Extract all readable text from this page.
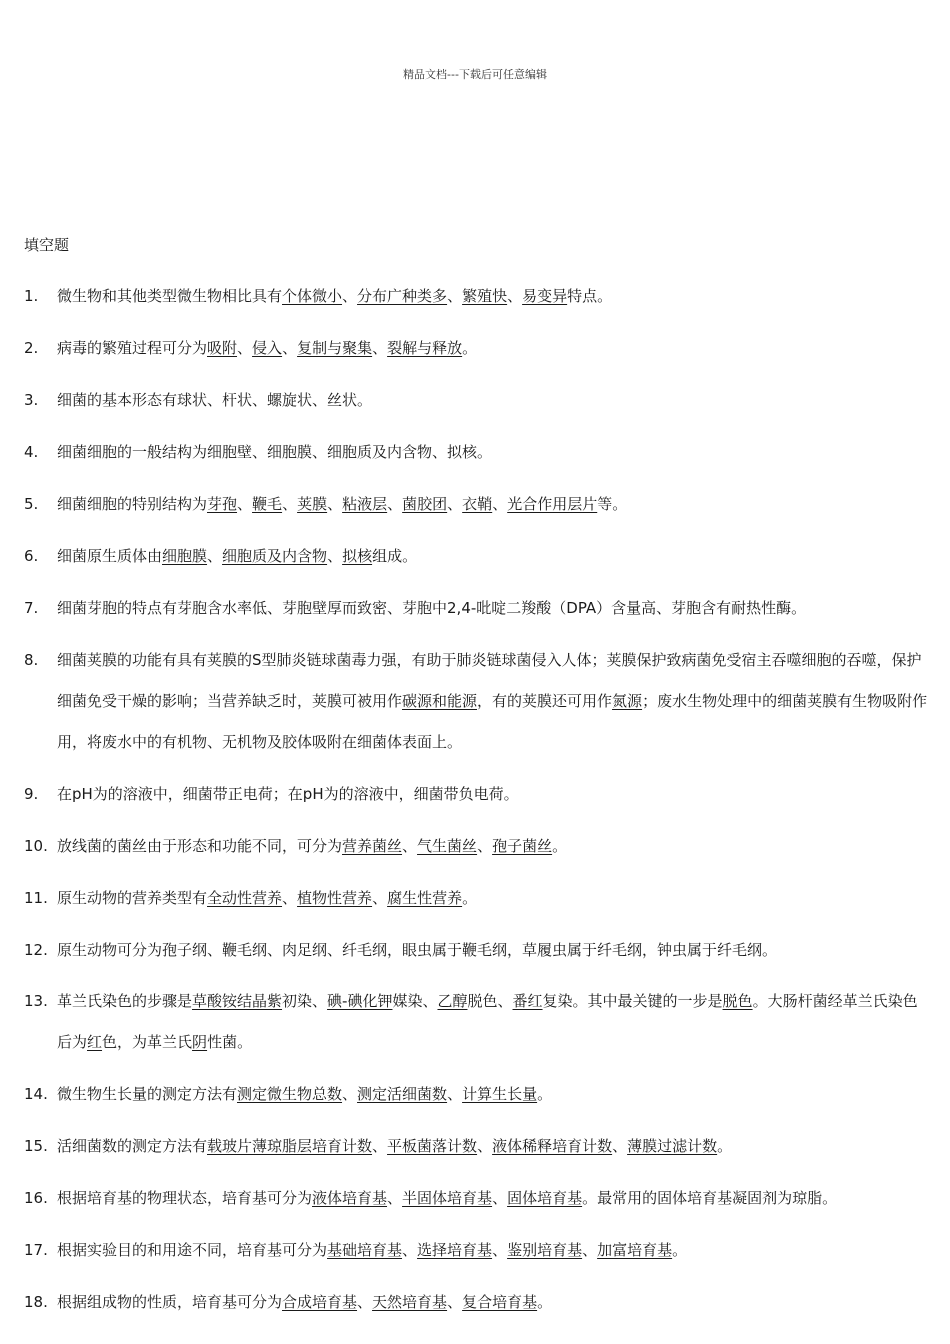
精品文档---下载后可任意编辑
填空题
1.	微生物和其他类型微生物相比具有个体微小、分布广种类多、繁殖快、易变异特点。
2.	病毒的繁殖过程可分为吸附、侵入、复制与聚集、裂解与释放。
3.	细菌的基本形态有球状、杆状、螺旋状、丝状。
4.	细菌细胞的一般结构为细胞壁、细胞膜、细胞质及内含物、拟核。
5.	细菌细胞的特别结构为芽孢、鞭毛、荚膜、粘液层、菌胶团、衣鞘、光合作用层片等。
6.	细菌原生质体由细胞膜、细胞质及内含物、拟核组成。
7.	细菌芽胞的特点有芽胞含水率低、芽胞壁厚而致密、芽胞中2,4-吡啶二羧酸（DPA）含量高、芽胞含有耐热性酶。
8.	细菌荚膜的功能有具有荚膜的S型肺炎链球菌毒力强，有助于肺炎链球菌侵入人体；荚膜保护致病菌免受宿主吞噬细胞的吞噬，保护细菌免受干燥的影响；当营养缺乏时，荚膜可被用作碳源和能源，有的荚膜还可用作氮源；废水生物处理中的细菌荚膜有生物吸附作用，将废水中的有机物、无机物及胶体吸附在细菌体表面上。
9.	在pH为的溶液中，细菌带正电荷；在pH为的溶液中，细菌带负电荷。
10. 放线菌的菌丝由于形态和功能不同，可分为营养菌丝、气生菌丝、孢子菌丝。
11. 原生动物的营养类型有全动性营养、植物性营养、腐生性营养。
12. 原生动物可分为孢子纲、鞭毛纲、肉足纲、纤毛纲，眼虫属于鞭毛纲，草履虫属于纤毛纲，钟虫属于纤毛纲。
13. 革兰氏染色的步骤是草酸铵结晶紫初染、碘-碘化钾媒染、乙醇脱色、番红复染。其中最关键的一步是脱色。大肠杆菌经革兰氏染色后为红色，为革兰氏阴性菌。
14. 微生物生长量的测定方法有测定微生物总数、测定活细菌数、计算生长量。
15. 活细菌数的测定方法有载玻片薄琼脂层培育计数、平板菌落计数、液体稀释培育计数、薄膜过滤计数。
16. 根据培育基的物理状态，培育基可分为液体培育基、半固体培育基、固体培育基。最常用的固体培育基凝固剂为琼脂。
17. 根据实验目的和用途不同，培育基可分为基础培育基、选择培育基、鉴别培育基、加富培育基。
18. 根据组成物的性质，培育基可分为合成培育基、天然培育基、复合培育基。
